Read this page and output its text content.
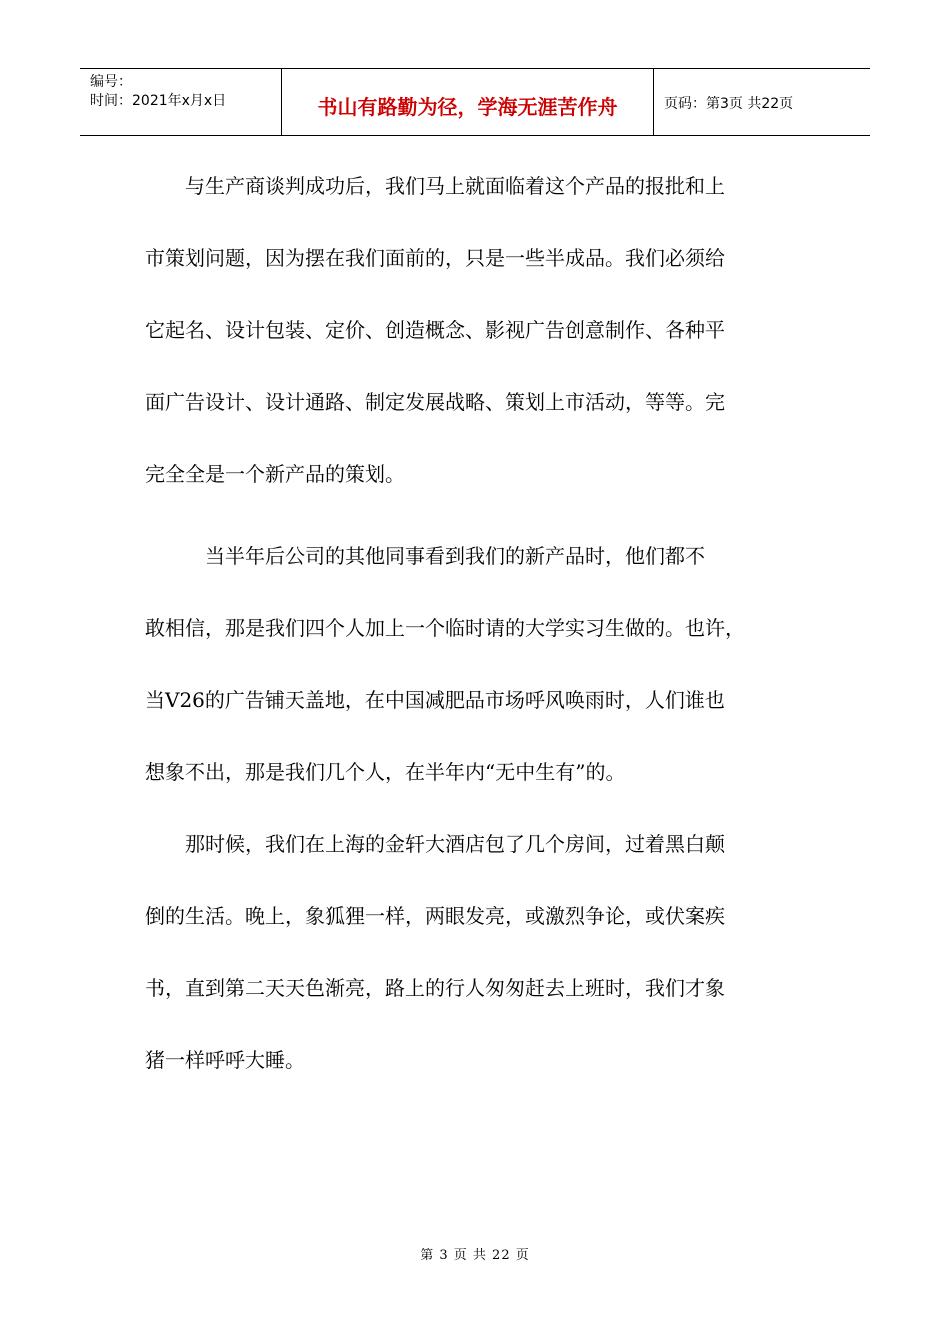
编号：
时间：2021年x月x日	书山有路勤为径，学海无涯苦作舟	页码：第3页 共22页

　　与生产商谈判成功后，我们马上就面临着这个产品的报批和上

市策划问题，因为摆在我们面前的，只是一些半成品。我们必须给

它起名、设计包装、定价、创造概念、影视广告创意制作、各种平

面广告设计、设计通路、制定发展战略、策划上市活动，等等。完

完全全是一个新产品的策划。

　　　当半年后公司的其他同事看到我们的新产品时，他们都不

敢相信，那是我们四个人加上一个临时请的大学实习生做的。也许，

当V26的广告铺天盖地，在中国减肥品市场呼风唤雨时，人们谁也

想象不出，那是我们几个人，在半年内“无中生有”的。

　　那时候，我们在上海的金轩大酒店包了几个房间，过着黑白颠

倒的生活。晚上，象狐狸一样，两眼发亮，或激烈争论，或伏案疾

书，直到第二天天色渐亮，路上的行人匆匆赶去上班时，我们才象

猪一样呼呼大睡。

第 3 页 共 22 页
